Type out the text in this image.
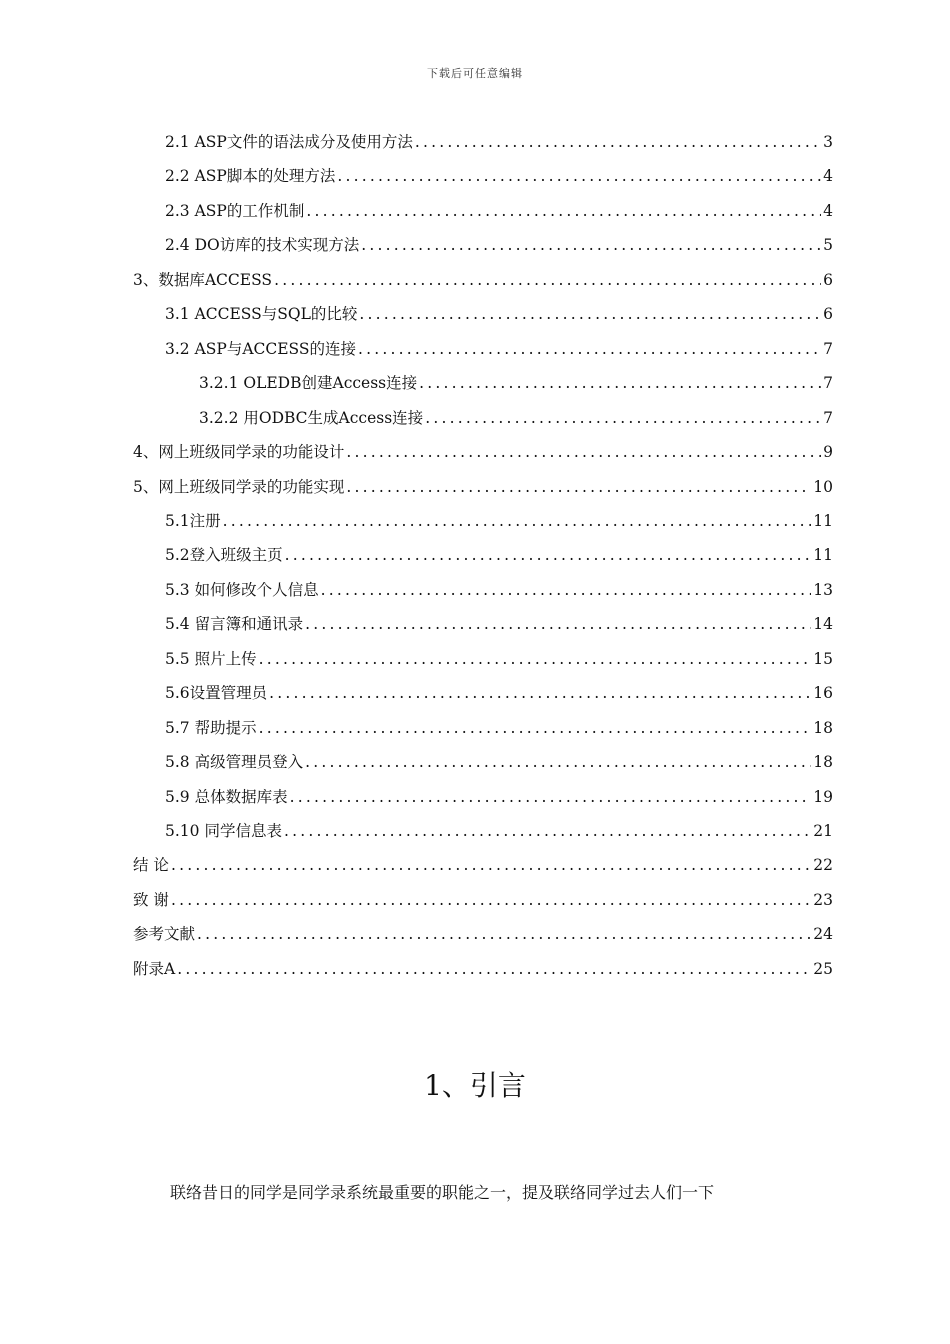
下载后可任意编辑
2.1 ASP文件的语法成分及使用方法 .....	3
2.2 ASP脚本的处理方法 .....	4
2.3 ASP的工作机制 .....	4
2.4 DO访库的技术实现方法 .....	5
3、数据库ACCESS .....	6
3.1 ACCESS与SQL的比较 .....	6
3.2 ASP与ACCESS的连接 .....	7
3.2.1 OLEDB创建Access连接 .....	7
3.2.2 用ODBC生成Access连接 .....	7
4、网上班级同学录的功能设计 .....	9
5、网上班级同学录的功能实现 .....	10
5.1注册 .....	11
5.2登入班级主页 .....	11
5.3 如何修改个人信息 .....	13
5.4 留言簿和通讯录 .....	14
5.5 照片上传 .....	15
5.6设置管理员 .....	16
5.7 帮助提示 .....	18
5.8 高级管理员登入 .....	18
5.9 总体数据库表 .....	19
5.10 同学信息表 .....	21
结 论 .....	22
致 谢 .....	23
参考文献 .....	24
附录A .....	25
1、引言
联络昔日的同学是同学录系统最重要的职能之一，提及联络同学过去人们一下
